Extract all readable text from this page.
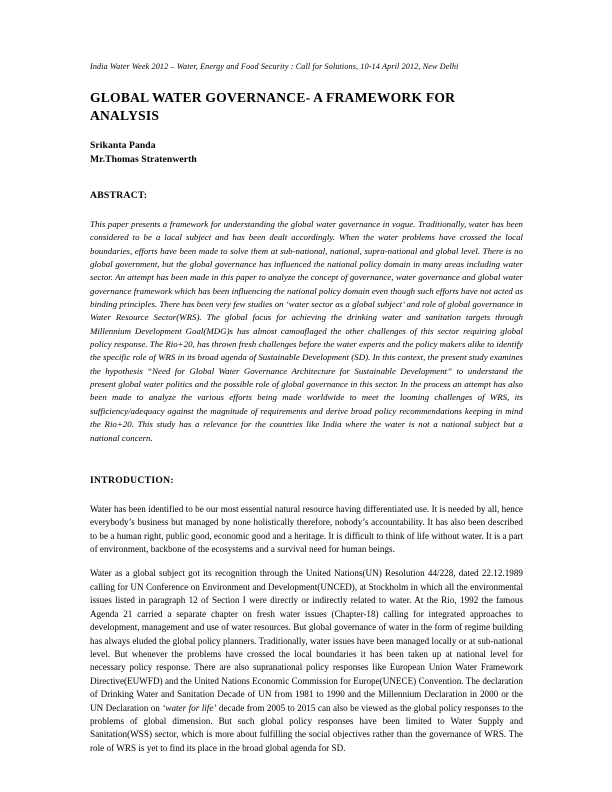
India Water Week 2012 – Water, Energy and Food Security : Call for Solutions, 10-14 April 2012, New Delhi
GLOBAL WATER GOVERNANCE- A FRAMEWORK FOR ANALYSIS
Srikanta Panda
Mr.Thomas Stratenwerth
ABSTRACT:

This paper presents a framework for understanding the global water governance in vogue. Traditionally, water has been considered to be a local subject and has been dealt accordingly. When the water problems have crossed the local boundaries, efforts have been made to solve them at sub-national, national, supra-national and global level. There is no global government, but the global governance has influenced the national policy domain in many areas including water sector. An attempt has been made in this paper to analyze the concept of governance, water governance and global water governance framework which has been influencing the national policy domain even though such efforts have not acted as binding principles. There has been very few studies on ‘water sector as a global subject’ and role of global governance in Water Resource Sector(WRS). The global focus for achieving the drinking water and sanitation targets through Millennium Development Goal(MDG)s has almost camouflaged the other challenges of this sector requiring global policy response. The Rio+20, has thrown fresh challenges before the water experts and the policy makers alike to identify the specific role of WRS in its broad agenda of Sustainable Development (SD). In this context, the present study examines the hypothesis “Need for Global Water Governance Architecture for Sustainable Development” to understand the present global water politics and the possible role of global governance in this sector. In the process an attempt has also been made to analyze the various efforts being made worldwide to meet the looming challenges of WRS, its sufficiency/adequacy against the magnitude of requirements and derive broad policy recommendations keeping in mind the Rio+20. This study has a relevance for the countries like India where the water is not a national subject but a national concern.

INTRODUCTION:

Water has been identified to be our most essential natural resource having differentiated use. It is needed by all, hence everybody’s business but managed by none holistically therefore, nobody’s accountability. It has also been described to be a human right, public good, economic good and a heritage. It is difficult to think of life without water. It is a part of environment, backbone of the ecosystems and a survival need for human beings.

Water as a global subject got its recognition through the United Nations(UN) Resolution 44/228, dated 22.12.1989 calling for UN Conference on Environment and Development(UNCED), at Stockholm in which all the environmental issues listed in paragraph 12 of Section I were directly or indirectly related to water. At the Rio, 1992 the famous Agenda 21 carried a separate chapter on fresh water issues (Chapter-18) calling for integrated approaches to development, management and use of water resources. But global governance of water in the form of regime building has always eluded the global policy planners. Traditionally, water issues have been managed locally or at sub-national level. But whenever the problems have crossed the local boundaries it has been taken up at national level for necessary policy response. There are also supranational policy responses like European Union Water Framework Directive(EUWFD) and the United Nations Economic Commission for Europe(UNECE) Convention. The declaration of Drinking Water and Sanitation Decade of UN from 1981 to 1990 and the Millennium Declaration in 2000 or the UN Declaration on ‘water for life’ decade from 2005 to 2015 can also be viewed as the global policy responses to the problems of global dimension. But such global policy responses have been limited to Water Supply and Sanitation(WSS) sector, which is more about fulfilling the social objectives rather than the governance of WRS. The role of WRS is yet to find its place in the broad global agenda for SD.
